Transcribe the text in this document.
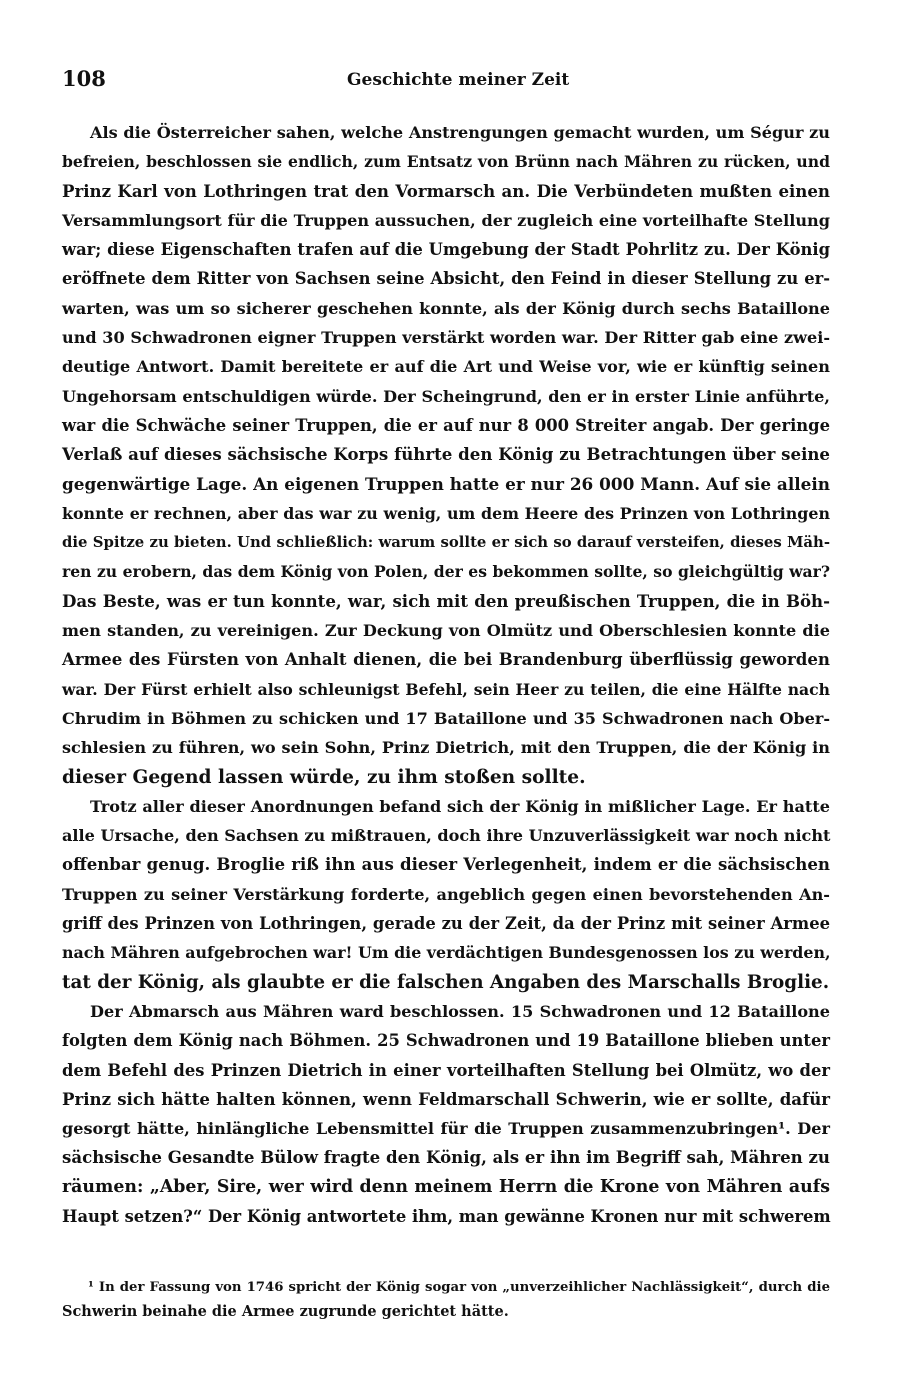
108	Geschichte meiner Zeit
Als die Österreicher sahen, welche Anstrengungen gemacht wurden, um Ségur zu
befreien, beschlossen sie endlich, zum Entsatz von Brünn nach Mähren zu rücken, und
Prinz Karl von Lothringen trat den Vormarsch an. Die Verbündeten mußten einen
Versammlungsort für die Truppen aussuchen, der zugleich eine vorteilhafte Stellung
war; diese Eigenschaften trafen auf die Umgebung der Stadt Pohrlitz zu. Der König
eröffnete dem Ritter von Sachsen seine Absicht, den Feind in dieser Stellung zu er-
warten, was um so sicherer geschehen konnte, als der König durch sechs Bataillone
und 30 Schwadronen eigner Truppen verstärkt worden war. Der Ritter gab eine zwei-
deutige Antwort. Damit bereitete er auf die Art und Weise vor, wie er künftig seinen
Ungehorsam entschuldigen würde. Der Scheingrund, den er in erster Linie anführte,
war die Schwäche seiner Truppen, die er auf nur 8 000 Streiter angab. Der geringe
Verlaß auf dieses sächsische Korps führte den König zu Betrachtungen über seine
gegenwärtige Lage. An eigenen Truppen hatte er nur 26 000 Mann. Auf sie allein
konnte er rechnen, aber das war zu wenig, um dem Heere des Prinzen von Lothringen
die Spitze zu bieten. Und schließlich: warum sollte er sich so darauf versteifen, dieses Mäh-
ren zu erobern, das dem König von Polen, der es bekommen sollte, so gleichgültig war?
Das Beste, was er tun konnte, war, sich mit den preußischen Truppen, die in Böh-
men standen, zu vereinigen. Zur Deckung von Olmütz und Oberschlesien konnte die
Armee des Fürsten von Anhalt dienen, die bei Brandenburg überflüssig geworden
war. Der Fürst erhielt also schleunigst Befehl, sein Heer zu teilen, die eine Hälfte nach
Chrudim in Böhmen zu schicken und 17 Bataillone und 35 Schwadronen nach Ober-
schlesien zu führen, wo sein Sohn, Prinz Dietrich, mit den Truppen, die der König in
dieser Gegend lassen würde, zu ihm stoßen sollte.
Trotz aller dieser Anordnungen befand sich der König in mißlicher Lage. Er hatte
alle Ursache, den Sachsen zu mißtrauen, doch ihre Unzuverlässigkeit war noch nicht
offenbar genug. Broglie riß ihn aus dieser Verlegenheit, indem er die sächsischen
Truppen zu seiner Verstärkung forderte, angeblich gegen einen bevorstehenden An-
griff des Prinzen von Lothringen, gerade zu der Zeit, da der Prinz mit seiner Armee
nach Mähren aufgebrochen war! Um die verdächtigen Bundesgenossen los zu werden,
tat der König, als glaubte er die falschen Angaben des Marschalls Broglie.
Der Abmarsch aus Mähren ward beschlossen. 15 Schwadronen und 12 Bataillone
folgten dem König nach Böhmen. 25 Schwadronen und 19 Bataillone blieben unter
dem Befehl des Prinzen Dietrich in einer vorteilhaften Stellung bei Olmütz, wo der
Prinz sich hätte halten können, wenn Feldmarschall Schwerin, wie er sollte, dafür
gesorgt hätte, hinlängliche Lebensmittel für die Truppen zusammenzubringen¹. Der
sächsische Gesandte Bülow fragte den König, als er ihn im Begriff sah, Mähren zu
räumen: „Aber, Sire, wer wird denn meinem Herrn die Krone von Mähren aufs
Haupt setzen?“ Der König antwortete ihm, man gewänne Kronen nur mit schwerem
¹ In der Fassung von 1746 spricht der König sogar von „unverzeihlicher Nachlässigkeit“, durch die
Schwerin beinahe die Armee zugrunde gerichtet hätte.
